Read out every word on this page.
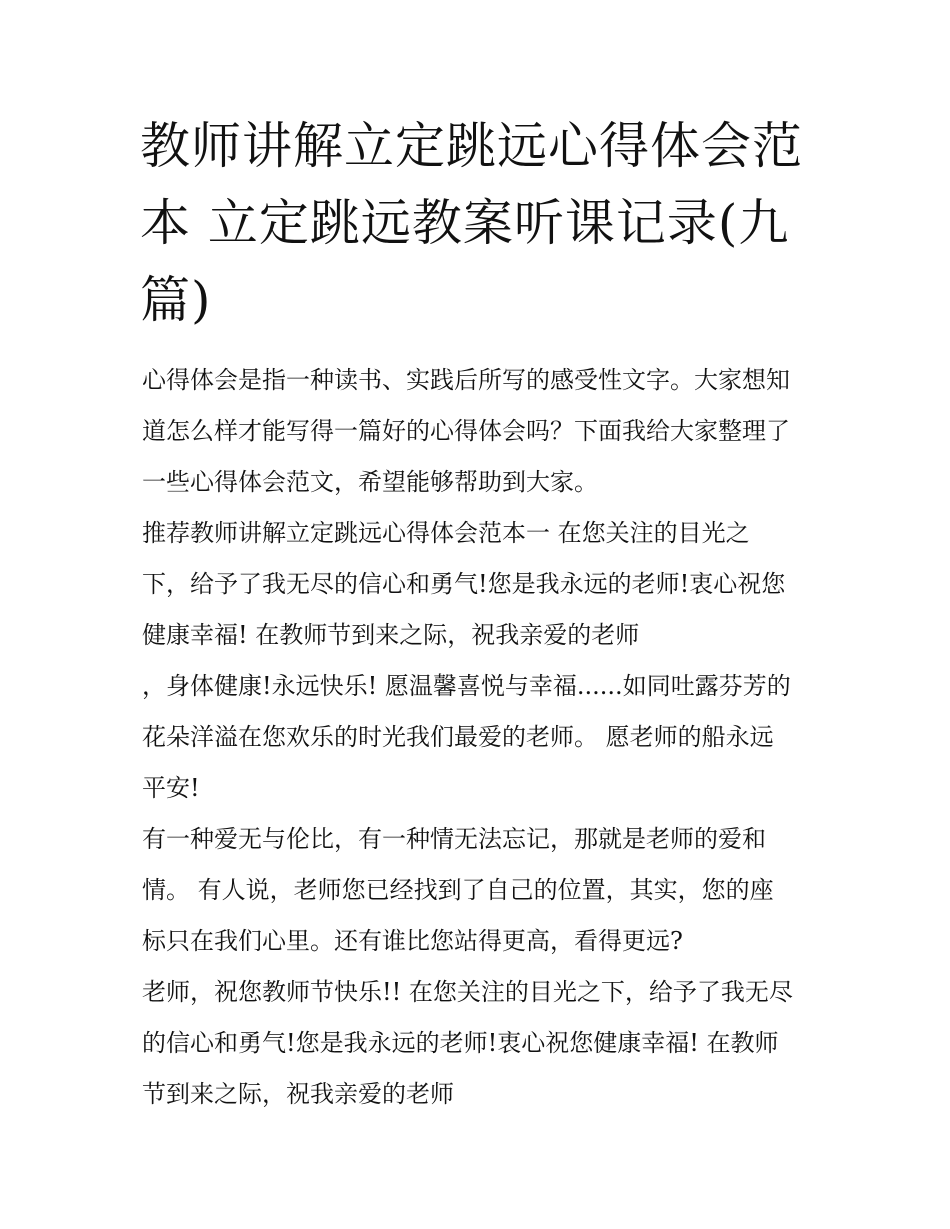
教师讲解立定跳远心得体会范
本 立定跳远教案听课记录(九
篇)
心得体会是指一种读书、实践后所写的感受性文字。大家想知
道怎么样才能写得一篇好的心得体会吗？下面我给大家整理了
一些心得体会范文，希望能够帮助到大家。
推荐教师讲解立定跳远心得体会范本一 在您关注的目光之
下，给予了我无尽的信心和勇气!您是我永远的老师!衷心祝您
健康幸福! 在教师节到来之际，祝我亲爱的老师
，身体健康!永远快乐! 愿温馨喜悦与幸福......如同吐露芬芳的
花朵洋溢在您欢乐的时光我们最爱的老师。 愿老师的船永远
平安!
有一种爱无与伦比，有一种情无法忘记，那就是老师的爱和
情。 有人说，老师您已经找到了自己的位置，其实，您的座
标只在我们心里。还有谁比您站得更高，看得更远?
老师，祝您教师节快乐!! 在您关注的目光之下，给予了我无尽
的信心和勇气!您是我永远的老师!衷心祝您健康幸福! 在教师
节到来之际，祝我亲爱的老师
